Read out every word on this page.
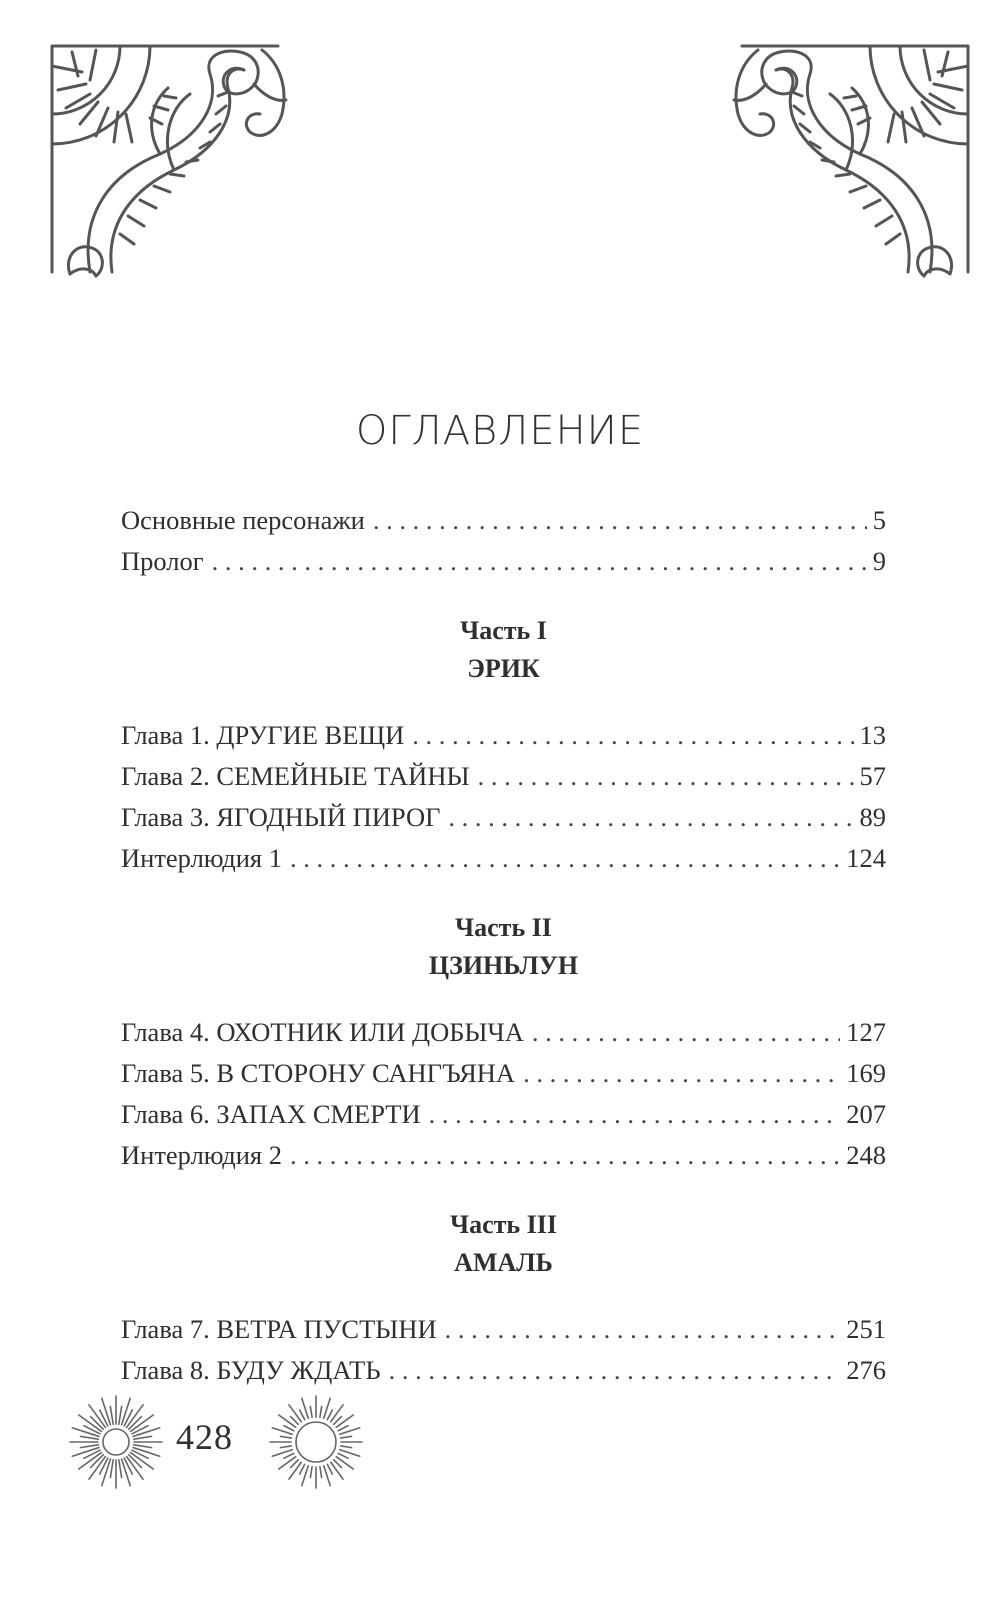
ОГЛАВЛЕНИЕ
Основные персонажи . . .	5
Пролог . . .	9
Часть I
ЭРИК
Глава 1. ДРУГИЕ ВЕЩИ . . .	13
Глава 2. СЕМЕЙНЫЕ ТАЙНЫ . . .	57
Глава 3. ЯГОДНЫЙ ПИРОГ . . .	89
Интерлюдия 1 . . .	124
Часть II
ЦЗИНЬЛУН
Глава 4. ОХОТНИК ИЛИ ДОБЫЧА . . .	127
Глава 5. В СТОРОНУ САНГЪЯНА . . .	169
Глава 6. ЗАПАХ СМЕРТИ . . .	207
Интерлюдия 2 . . .	248
Часть III
АМАЛЬ
Глава 7. ВЕТРА ПУСТЫНИ . . .	251
Глава 8. БУДУ ЖДАТЬ . . .	276
428
